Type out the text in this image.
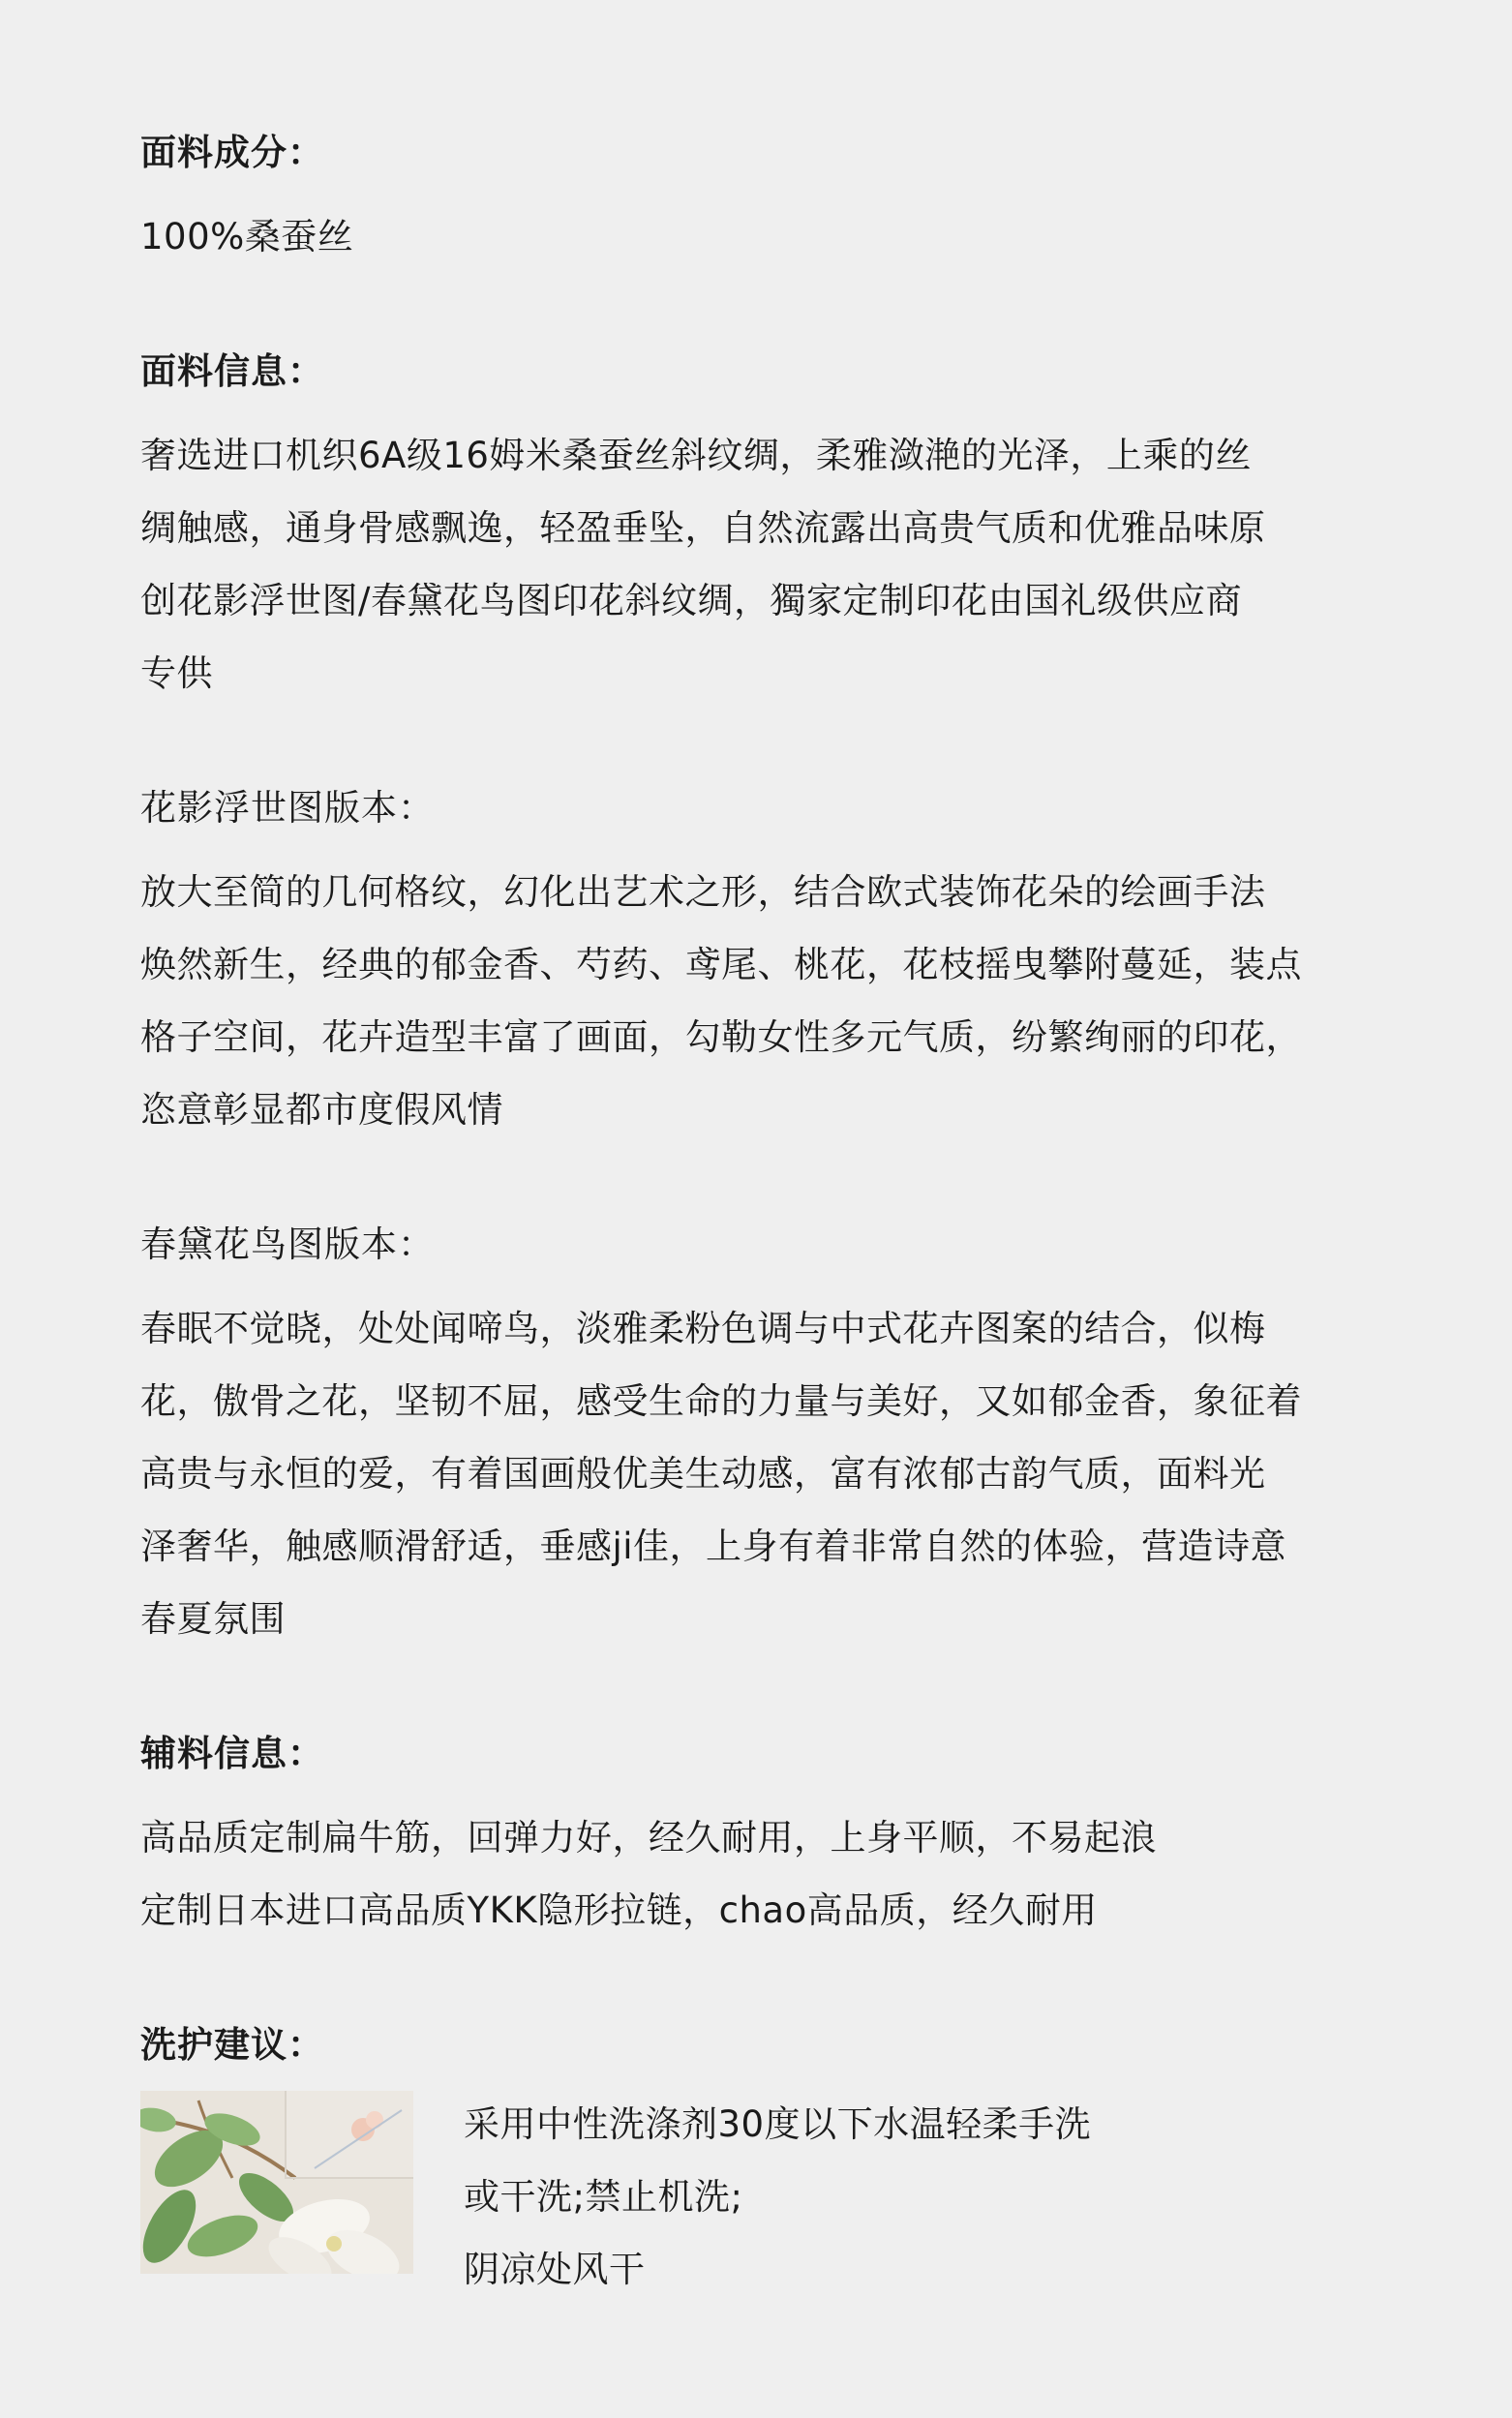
面料成分：

100%桑蚕丝

面料信息：

奢选进口机织6A级16姆米桑蚕丝斜纹绸，柔雅潋滟的光泽，上乘的丝

绸触感，通身骨感飘逸，轻盈垂坠，自然流露出高贵气质和优雅品味原

创花影浮世图/春黛花鸟图印花斜纹绸，獨家定制印花由国礼级供应商

专供

花影浮世图版本：

放大至简的几何格纹，幻化出艺术之形，结合欧式装饰花朵的绘画手法

焕然新生，经典的郁金香、芍药、鸢尾、桃花，花枝摇曳攀附蔓延，装点

格子空间，花卉造型丰富了画面，勾勒女性多元气质，纷繁绚丽的印花，

恣意彰显都市度假风情

春黛花鸟图版本：

春眠不觉晓，处处闻啼鸟，淡雅柔粉色调与中式花卉图案的结合，似梅

花，傲骨之花，坚韧不屈，感受生命的力量与美好，又如郁金香，象征着

高贵与永恒的爱，有着国画般优美生动感，富有浓郁古韵气质，面料光

泽奢华，触感顺滑舒适，垂感ji佳，上身有着非常自然的体验，营造诗意

春夏氛围

辅料信息：

高品质定制扁牛筋，回弹力好，经久耐用，上身平顺，不易起浪

定制日本进口高品质YKK隐形拉链，chao高品质，经久耐用

洗护建议：

采用中性洗涤剂30度以下水温轻柔手洗

或干洗;禁止机洗;

阴凉处风干
